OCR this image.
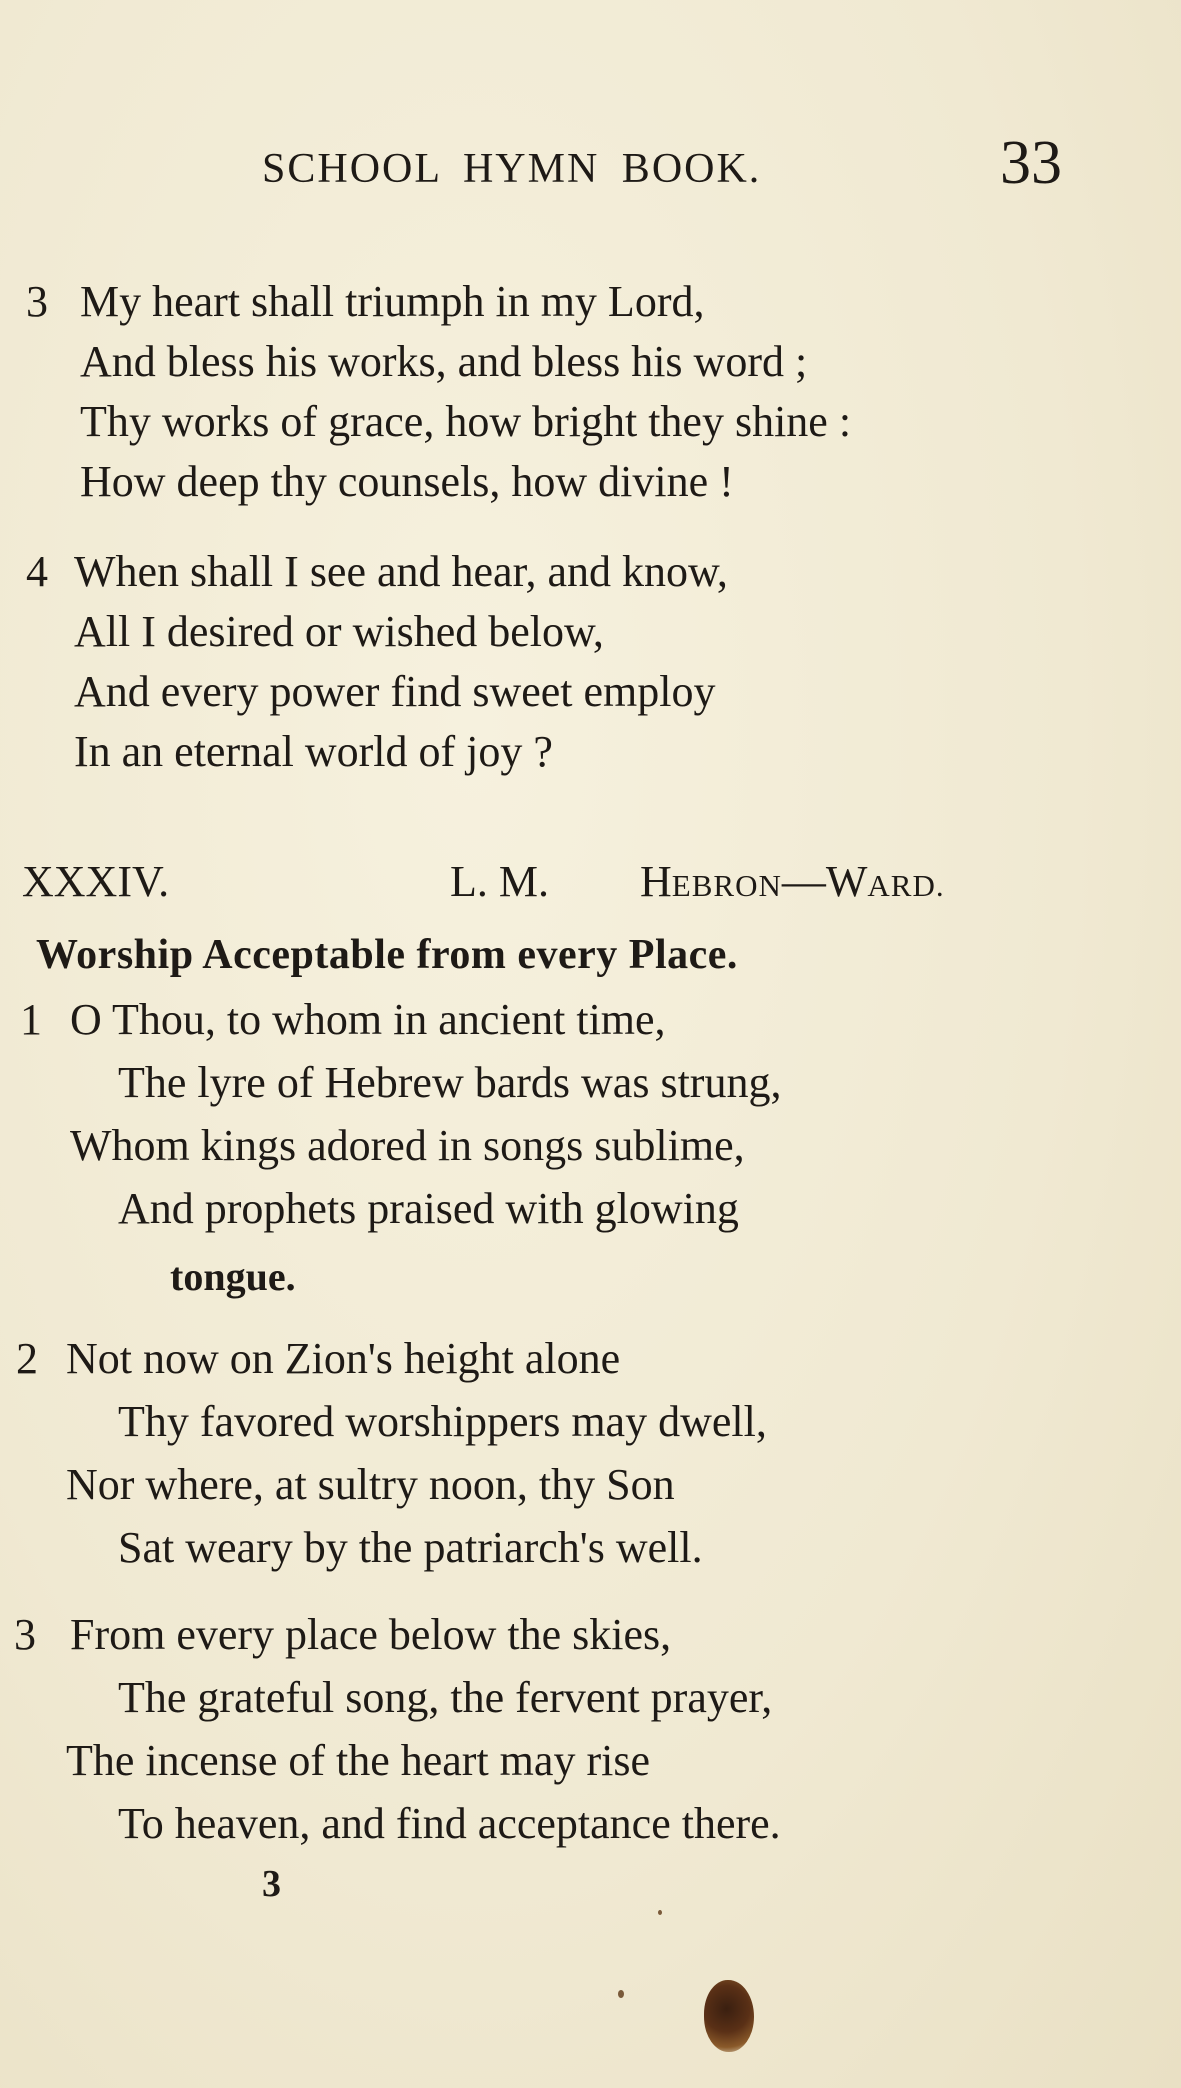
SCHOOL HYMN BOOK.	33
3 My heart shall triumph in my Lord,
And bless his works, and bless his word ;
Thy works of grace, how bright they shine :
How deep thy counsels, how divine !
4 When shall I see and hear, and know,
All I desired or wished below,
And every power find sweet employ
In an eternal world of joy ?
XXXIV.	L. M. HEBRON—WARD.
Worship Acceptable from every Place.
1 O Thou, to whom in ancient time,
The lyre of Hebrew bards was strung,
Whom kings adored in songs sublime,
And prophets praised with glowing
tongue.
2 Not now on Zion's height alone
Thy favored worshippers may dwell,
Nor where, at sultry noon, thy Son
Sat weary by the patriarch's well.
3 From every place below the skies,
The grateful song, the fervent prayer,
The incense of the heart may rise
To heaven, and find acceptance there.
3
